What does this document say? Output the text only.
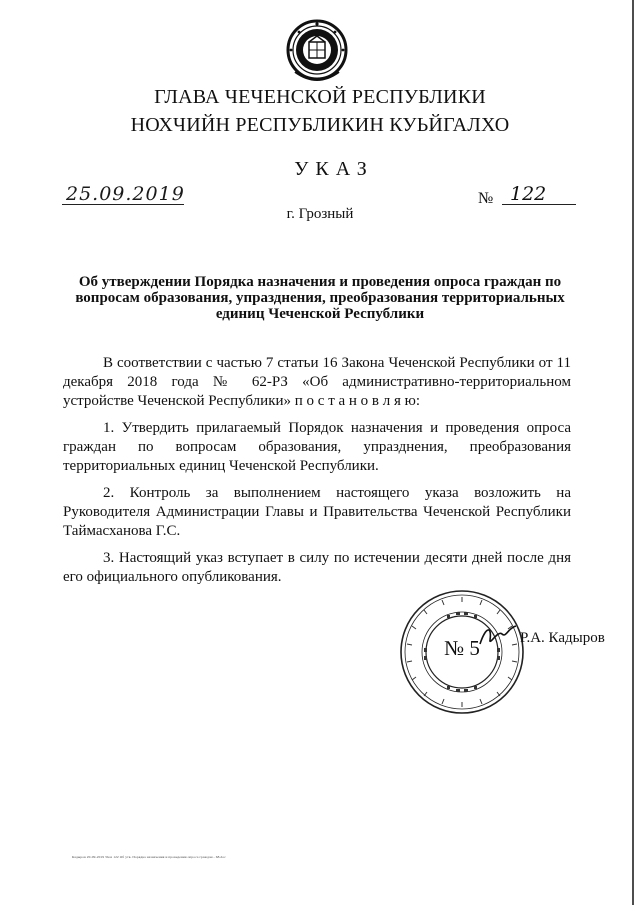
ГЛАВА ЧЕЧЕНСКОЙ РЕСПУБЛИКИ
НОХЧИЙН РЕСПУБЛИКИН КУЬЙГАЛХО
УКАЗ
25.09.2019	№ 122
г. Грозный
Об утверждении Порядка назначения и проведения опроса граждан по вопросам образования, упразднения, преобразования территориальных единиц Чеченской Республики

В соответствии с частью 7 статьи 16 Закона Чеченской Республики от 11 декабря 2018 года № 62-РЗ «Об административно-территориальном устройстве Чеченской Республики» п о с т а н о в л я ю:

1. Утвердить прилагаемый Порядок назначения и проведения опроса граждан по вопросам образования, упразднения, преобразования территориальных единиц Чеченской Республики.

2. Контроль за выполнением настоящего указа возложить на Руководителя Администрации Главы и Правительства Чеченской Республики Таймасханова Г.С.

3. Настоящий указ вступает в силу по истечении десяти дней после дня его официального опубликования.

№ 5	Р.А. Кадыров
Кадыров 20-09-2019 Указ 122 Об утв. Порядка назначения и проведения опроса граждан - 68.doc
